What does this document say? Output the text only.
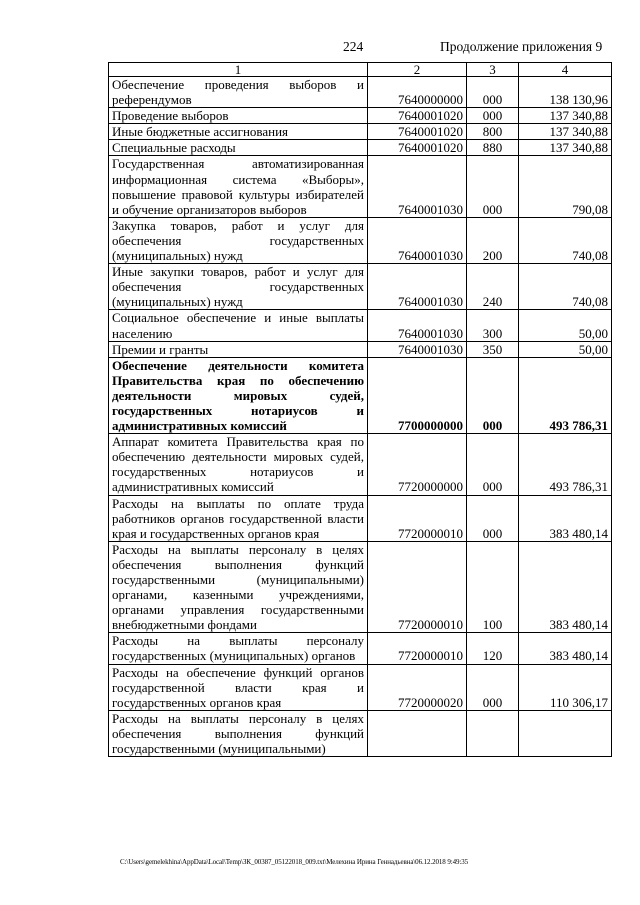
224	Продолжение приложения 9
1	2	3	4
Обеспечение проведения выборов и референдумов	7640000000	000	138 130,96
Проведение выборов	7640001020	000	137 340,88
Иные бюджетные ассигнования	7640001020	800	137 340,88
Специальные расходы	7640001020	880	137 340,88
Государственная автоматизированная информационная система «Выборы», повышение правовой культуры избирателей и обучение организаторов выборов	7640001030	000	790,08
Закупка товаров, работ и услуг для обеспечения государственных (муниципальных) нужд	7640001030	200	740,08
Иные закупки товаров, работ и услуг для обеспечения государственных (муниципальных) нужд	7640001030	240	740,08
Социальное обеспечение и иные выплаты населению	7640001030	300	50,00
Премии и гранты	7640001030	350	50,00
Обеспечение деятельности комитета Правительства края по обеспечению деятельности мировых судей, государственных нотариусов и административных комиссий	7700000000	000	493 786,31
Аппарат комитета Правительства края по обеспечению деятельности мировых судей, государственных нотариусов и административных комиссий	7720000000	000	493 786,31
Расходы на выплаты по оплате труда работников органов государственной власти края и государственных органов края	7720000010	000	383 480,14
Расходы на выплаты персоналу в целях обеспечения выполнения функций государственными (муниципальными) органами, казенными учреждениями, органами управления государственными внебюджетными фондами	7720000010	100	383 480,14
Расходы на выплаты персоналу государственных (муниципальных) органов	7720000010	120	383 480,14
Расходы на обеспечение функций органов государственной власти края и государственных органов края	7720000020	000	110 306,17
Расходы на выплаты персоналу в целях обеспечения выполнения функций государственными (муниципальными)			
C:\Users\gemelekhina\AppData\Local\Temp\ЗК_00387_05122018_009.txt\Мелехина Ирина Геннадьевна\06.12.2018 9:49:35
